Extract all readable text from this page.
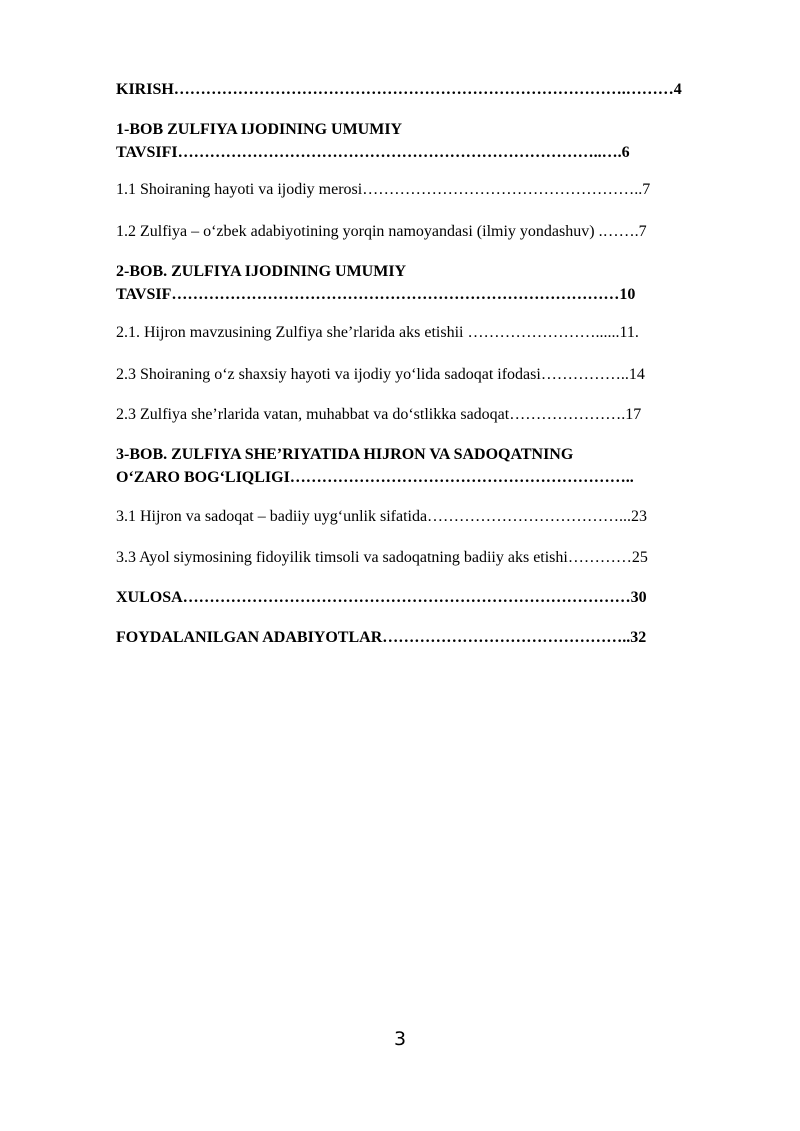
KIRISH………………………………………………………………………….………4
1-BOB ZULFIYA IJODINING UMUMIY
TAVSIFI……………………………………………………………………..….6
1.1 Shoiraning hayoti va ijodiy merosi……………………………………………..7
1.2 Zulfiya – o‘zbek adabiyotining yorqin namoyandasi (ilmiy yondashuv) .…….7
2-BOB. ZULFIYA IJODINING UMUMIY
TAVSIF…………………………………………………………………………10
2.1. Hijron mavzusining Zulfiya she’rlarida aks etishii ……………………......11.
2.3 Shoiraning o‘z shaxsiy hayoti va ijodiy yo‘lida sadoqat ifodasi……………..14
2.3 Zulfiya she’rlarida vatan, muhabbat va do‘stlikka sadoqat………………….17
3-BOB. ZULFIYA SHE’RIYATIDA HIJRON VA SADOQATNING
O‘ZARO BOG‘LIQLIGI………………………………………………………..
3.1 Hijron va sadoqat – badiiy uyg‘unlik sifatida………………………………...23
3.3 Ayol siymosining fidoyilik timsoli va sadoqatning badiiy aks etishi…………25
XULOSA…………………………………………………………………………30
FOYDALANILGAN ADABIYOTLAR………………………………………..32
3
